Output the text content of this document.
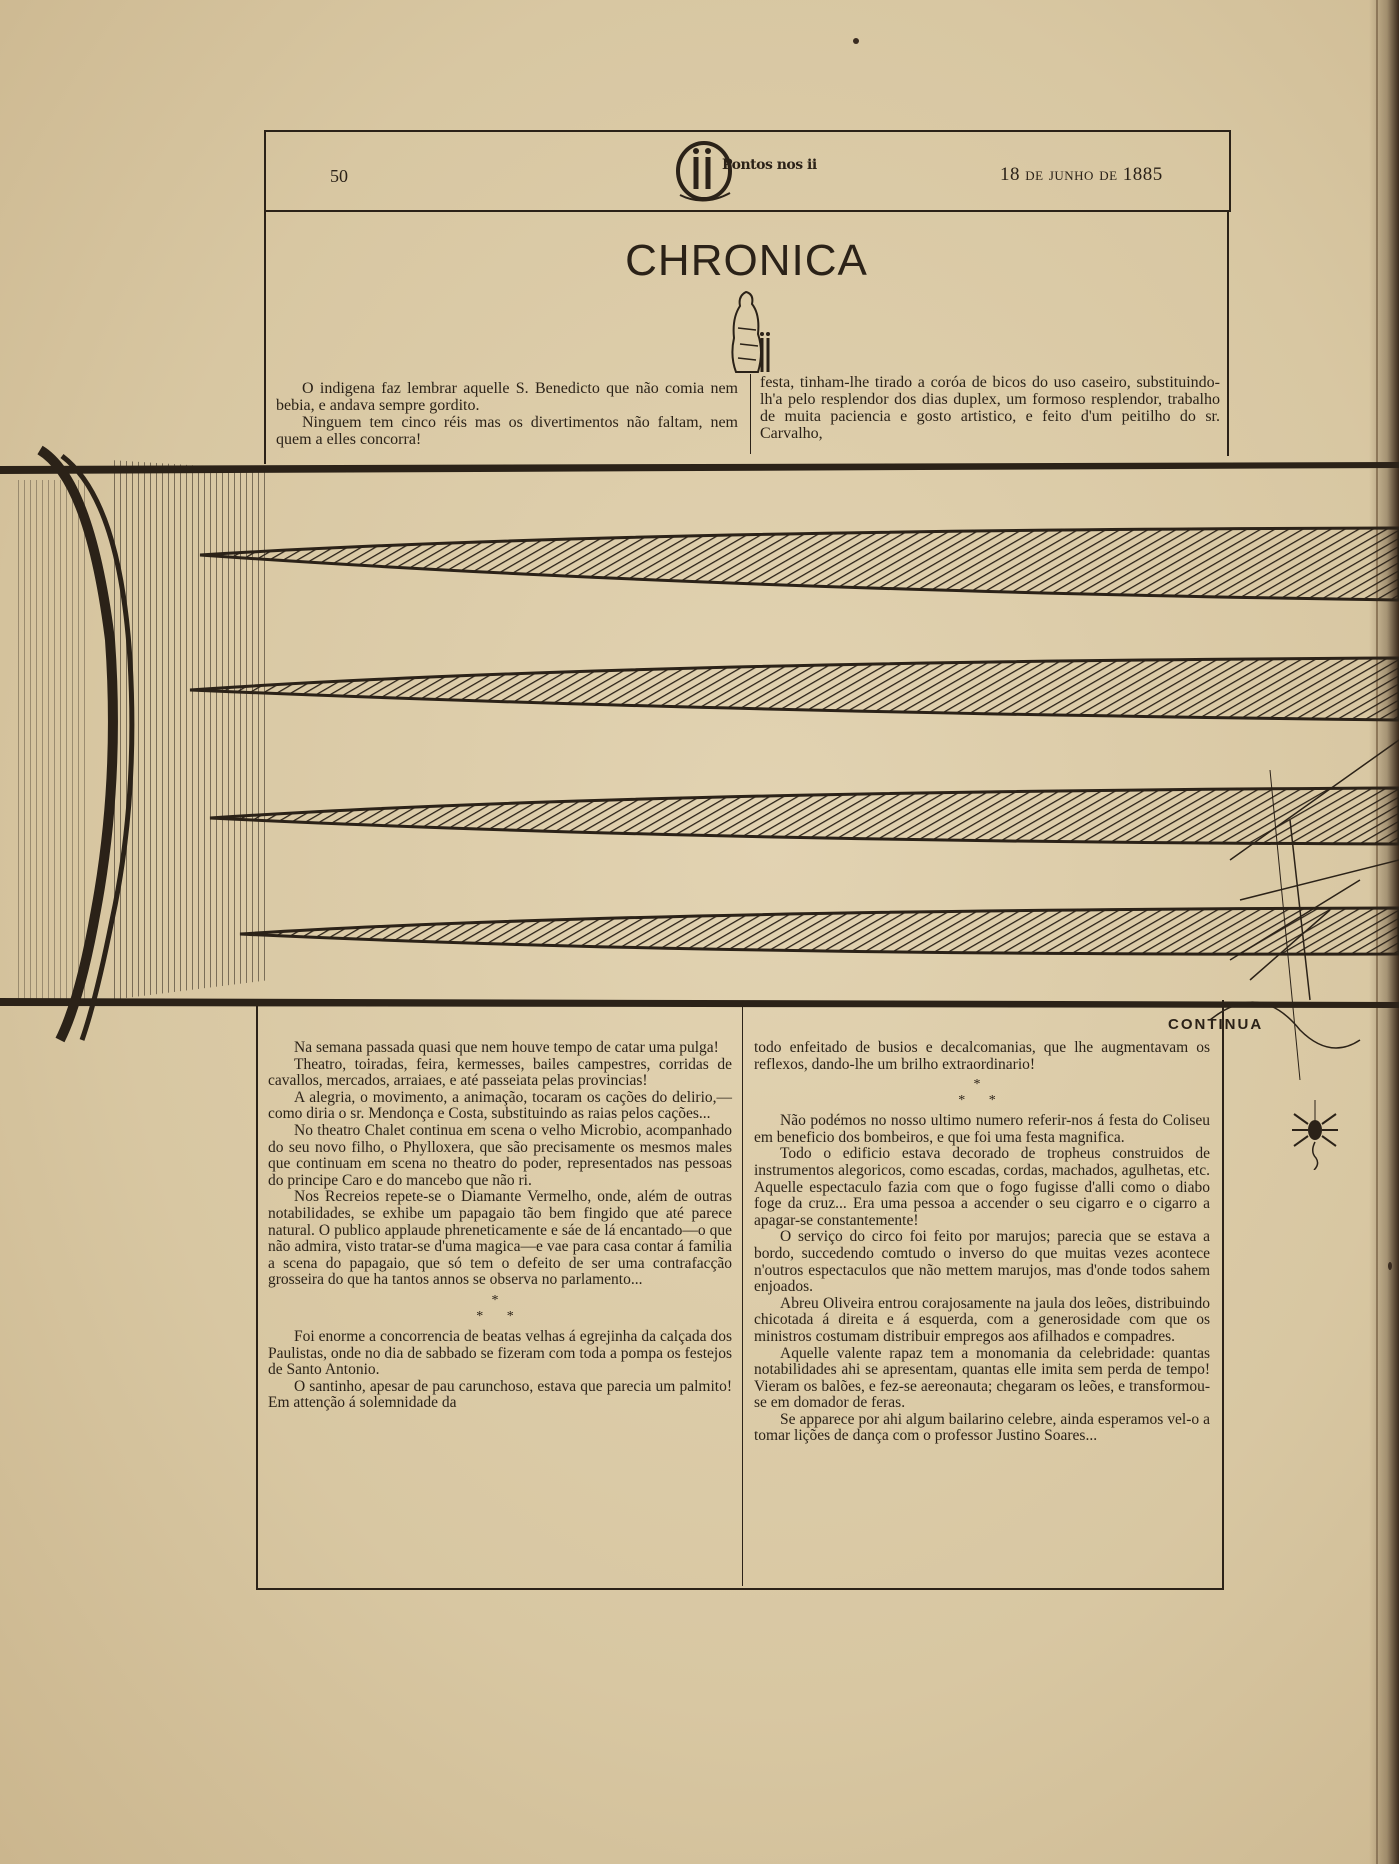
50
Pontos nos ii	18 de junho de 1885
CHRONICA

O indigena faz lembrar aquelle S. Benedicto que não comia nem bebia, e andava sempre gordito.

Ninguem tem cinco réis mas os divertimentos não faltam, nem quem a elles concorra!

festa, tinham-lhe tirado a coróa de bicos do uso caseiro, substituindo-lh'a pelo resplendor dos dias duplex, um formoso resplendor, trabalho de muita paciencia e gosto artistico, e feito d'um peitilho do sr. Carvalho,

CONTINUA

Na semana passada quasi que nem houve tempo de catar uma pulga!

Theatro, toiradas, feira, kermesses, bailes campestres, corridas de cavallos, mercados, arraiaes, e até passeiata pelas provincias!

A alegria, o movimento, a animação, tocaram os cações do delirio,—como diria o sr. Mendonça e Costa, substituindo as raias pelos cações...

No theatro Chalet continua em scena o velho Microbio, acompanhado do seu novo filho, o Phylloxera, que são precisamente os mesmos males que continuam em scena no theatro do poder, representados nas pessoas do principe Caro e do mancebo que não ri.

Nos Recreios repete-se o Diamante Vermelho, onde, além de outras notabilidades, se exhibe um papagaio tão bem fingido que até parece natural. O publico applaude phreneticamente e sáe de lá encantado—o que não admira, visto tratar-se d'uma magica—e vae para casa contar á familia a scena do papagaio, que só tem o defeito de ser uma contrafacção grosseira do que ha tantos annos se observa no parlamento...

*
* *

Foi enorme a concorrencia de beatas velhas á egrejinha da calçada dos Paulistas, onde no dia de sabbado se fizeram com toda a pompa os festejos de Santo Antonio.

O santinho, apesar de pau carunchoso, estava que parecia um palmito! Em attenção á solemnidade da

todo enfeitado de busios e decalcomanias, que lhe augmentavam os reflexos, dando-lhe um brilho extraordinario!

*
* *

Não podémos no nosso ultimo numero referir-nos á festa do Coliseu em beneficio dos bombeiros, e que foi uma festa magnifica.

Todo o edificio estava decorado de tropheus construidos de instrumentos alegoricos, como escadas, cordas, machados, agulhetas, etc. Aquelle espectaculo fazia com que o fogo fugisse d'alli como o diabo foge da cruz... Era uma pessoa a accender o seu cigarro e o cigarro a apagar-se constantemente!

O serviço do circo foi feito por marujos; parecia que se estava a bordo, succedendo comtudo o inverso do que muitas vezes acontece n'outros espectaculos que não mettem marujos, mas d'onde todos sahem enjoados.

Abreu Oliveira entrou corajosamente na jaula dos leões, distribuindo chicotada á direita e á esquerda, com a generosidade com que os ministros costumam distribuir empregos aos afilhados e compadres.

Aquelle valente rapaz tem a monomania da celebridade: quantas notabilidades ahi se apresentam, quantas elle imita sem perda de tempo! Vieram os balões, e fez-se aereonauta; chegaram os leões, e transformou-se em domador de feras.

Se apparece por ahi algum bailarino celebre, ainda esperamos vel-o a tomar lições de dança com o professor Justino Soares...
